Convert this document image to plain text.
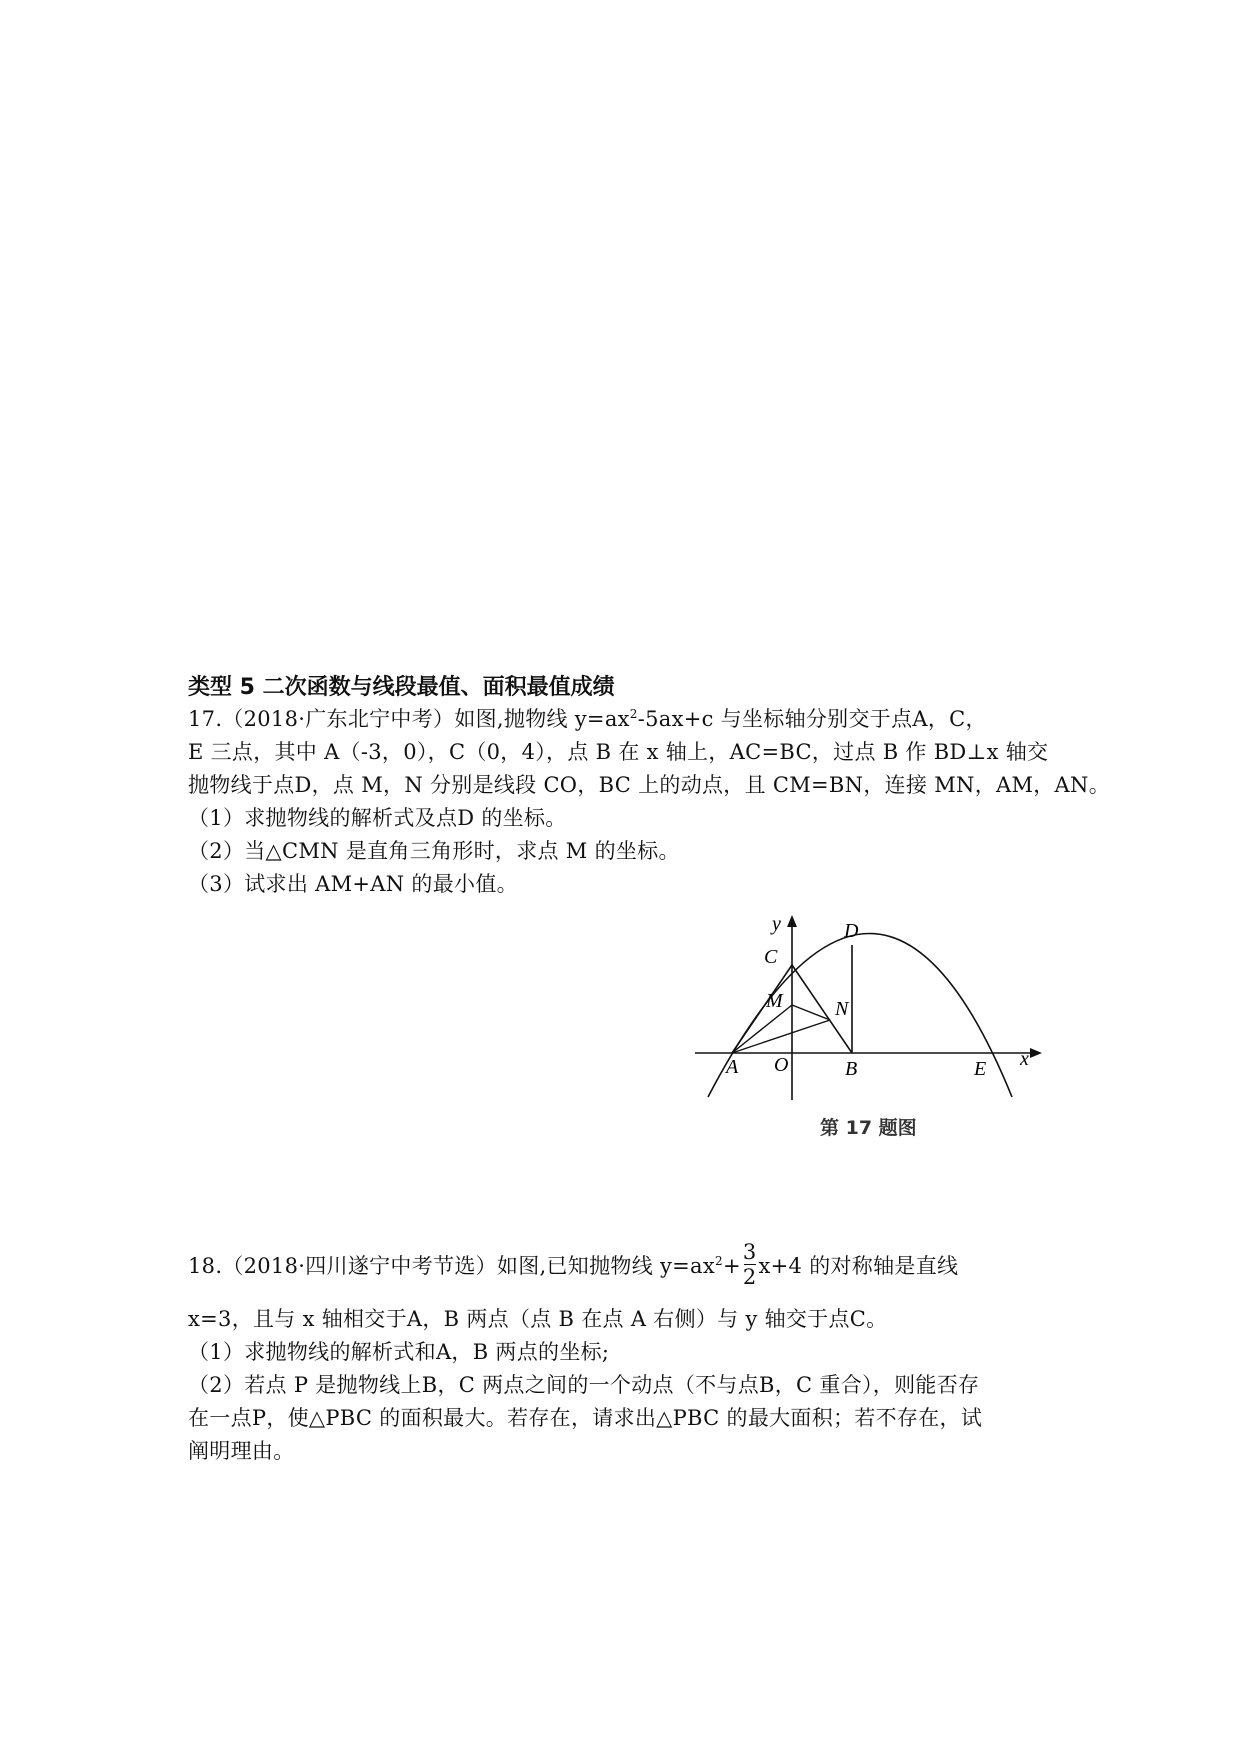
类型 5 二次函数与线段最值、面积最值成绩
17.（2018·广东北宁中考）如图,抛物线 $y=ax^2-5ax+c$ 与坐标轴分别交于点A，C，
E 三点，其中 A（-3，0），C（0，4），点 B 在 x 轴上，AC=BC，过点 B 作 BD⊥x 轴交
抛物线于点D，点 M，N 分别是线段 CO，BC 上的动点，且 CM=BN，连接 MN，AM，AN。
（1）求抛物线的解析式及点D 的坐标。
（2）当△CMN 是直角三角形时，求点 M 的坐标。
（3）试求出 AM+AN 的最小值。
y
x
C
D
M	N
A O	B	E
第 17 题图
18.（2018·四川遂宁中考节选）如图,已知抛物线 $y=ax^2+ \frac{3}{2} x+4$ 的对称轴是直线
x=3，且与 x 轴相交于A，B 两点（点 B 在点 A 右侧）与 y 轴交于点C。
（1）求抛物线的解析式和A，B 两点的坐标;
（2）若点 P 是抛物线上B，C 两点之间的一个动点（不与点B，C 重合），则能否存
在一点P，使△PBC 的面积最大。若存在，请求出△PBC 的最大面积；若不存在，试
阐明理由。
